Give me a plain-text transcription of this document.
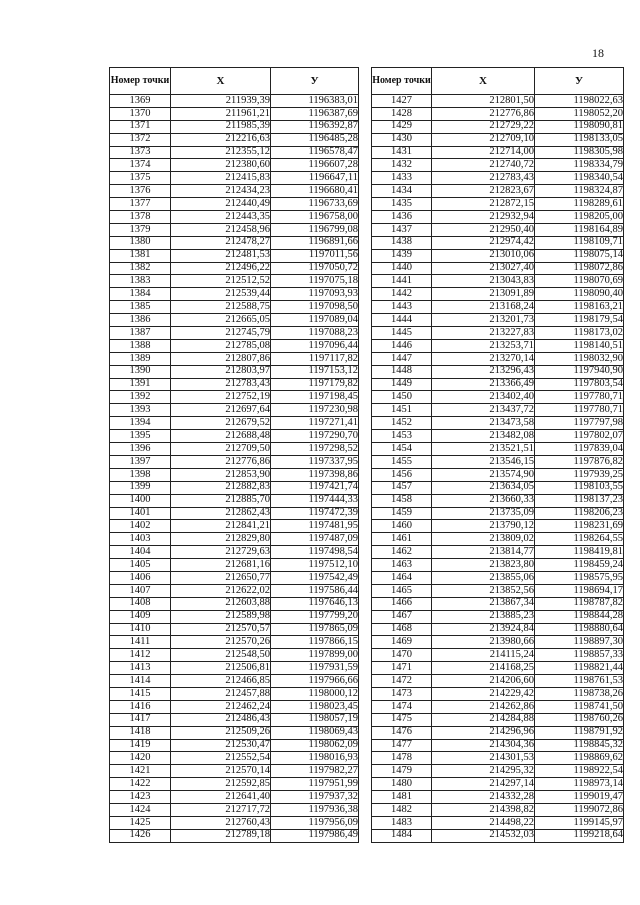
18
Номер точки	X	У
1369	211939,39	1196383,01
1370	211961,21	1196387,69
1371	211985,39	1196392,87
1372	212216,63	1196485,28
1373	212355,12	1196578,47
1374	212380,60	1196607,28
1375	212415,83	1196647,11
1376	212434,23	1196680,41
1377	212440,49	1196733,69
1378	212443,35	1196758,00
1379	212458,96	1196799,08
1380	212478,27	1196891,66
1381	212481,53	1197011,56
1382	212496,22	1197050,72
1383	212512,52	1197075,18
1384	212539,44	1197093,93
1385	212588,75	1197098,50
1386	212665,05	1197089,04
1387	212745,79	1197088,23
1388	212785,08	1197096,44
1389	212807,86	1197117,82
1390	212803,97	1197153,12
1391	212783,43	1197179,82
1392	212752,19	1197198,45
1393	212697,64	1197230,98
1394	212679,52	1197271,41
1395	212688,48	1197290,70
1396	212709,50	1197298,52
1397	212776,86	1197337,95
1398	212853,90	1197398,86
1399	212882,83	1197421,74
1400	212885,70	1197444,33
1401	212862,43	1197472,39
1402	212841,21	1197481,95
1403	212829,80	1197487,09
1404	212729,63	1197498,54
1405	212681,16	1197512,10
1406	212650,77	1197542,49
1407	212622,02	1197586,44
1408	212603,88	1197646,13
1409	212589,98	1197799,20
1410	212570,57	1197865,09
1411	212570,26	1197866,15
1412	212548,50	1197899,00
1413	212506,81	1197931,59
1414	212466,85	1197966,66
1415	212457,88	1198000,12
1416	212462,24	1198023,45
1417	212486,43	1198057,19
1418	212509,26	1198069,43
1419	212530,47	1198062,09
1420	212552,54	1198016,93
1421	212570,14	1197982,27
1422	212592,85	1197951,99
1423	212641,40	1197937,32
1424	212717,72	1197936,38
1425	212760,43	1197956,09
1426	212789,18	1197986,49
Номер точки	X	У
1427	212801,50	1198022,63
1428	212776,86	1198052,20
1429	212729,22	1198090,81
1430	212709,10	1198133,05
1431	212714,00	1198305,98
1432	212740,72	1198334,79
1433	212783,43	1198340,54
1434	212823,67	1198324,87
1435	212872,15	1198289,61
1436	212932,94	1198205,00
1437	212950,40	1198164,89
1438	212974,42	1198109,71
1439	213010,06	1198075,14
1440	213027,40	1198072,86
1441	213043,83	1198070,69
1442	213091,89	1198090,40
1443	213168,24	1198163,21
1444	213201,73	1198179,54
1445	213227,83	1198173,02
1446	213253,71	1198140,51
1447	213270,14	1198032,90
1448	213296,43	1197940,90
1449	213366,49	1197803,54
1450	213402,40	1197780,71
1451	213437,72	1197780,71
1452	213473,58	1197797,98
1453	213482,08	1197802,07
1454	213521,51	1197839,04
1455	213546,15	1197876,82
1456	213574,90	1197939,25
1457	213634,05	1198103,55
1458	213660,33	1198137,23
1459	213735,09	1198206,23
1460	213790,12	1198231,69
1461	213809,02	1198264,55
1462	213814,77	1198419,81
1463	213823,80	1198459,24
1464	213855,06	1198575,95
1465	213852,56	1198694,17
1466	213867,34	1198787,82
1467	213885,23	1198844,28
1468	213924,84	1198880,64
1469	213980,66	1198897,30
1470	214115,24	1198857,33
1471	214168,25	1198821,44
1472	214206,60	1198761,53
1473	214229,42	1198738,26
1474	214262,86	1198741,50
1475	214284,88	1198760,26
1476	214296,96	1198791,92
1477	214304,36	1198845,32
1478	214301,53	1198869,62
1479	214295,32	1198922,54
1480	214297,14	1198973,14
1481	214332,28	1199019,47
1482	214398,82	1199072,86
1483	214498,22	1199145,97
1484	214532,03	1199218,64
